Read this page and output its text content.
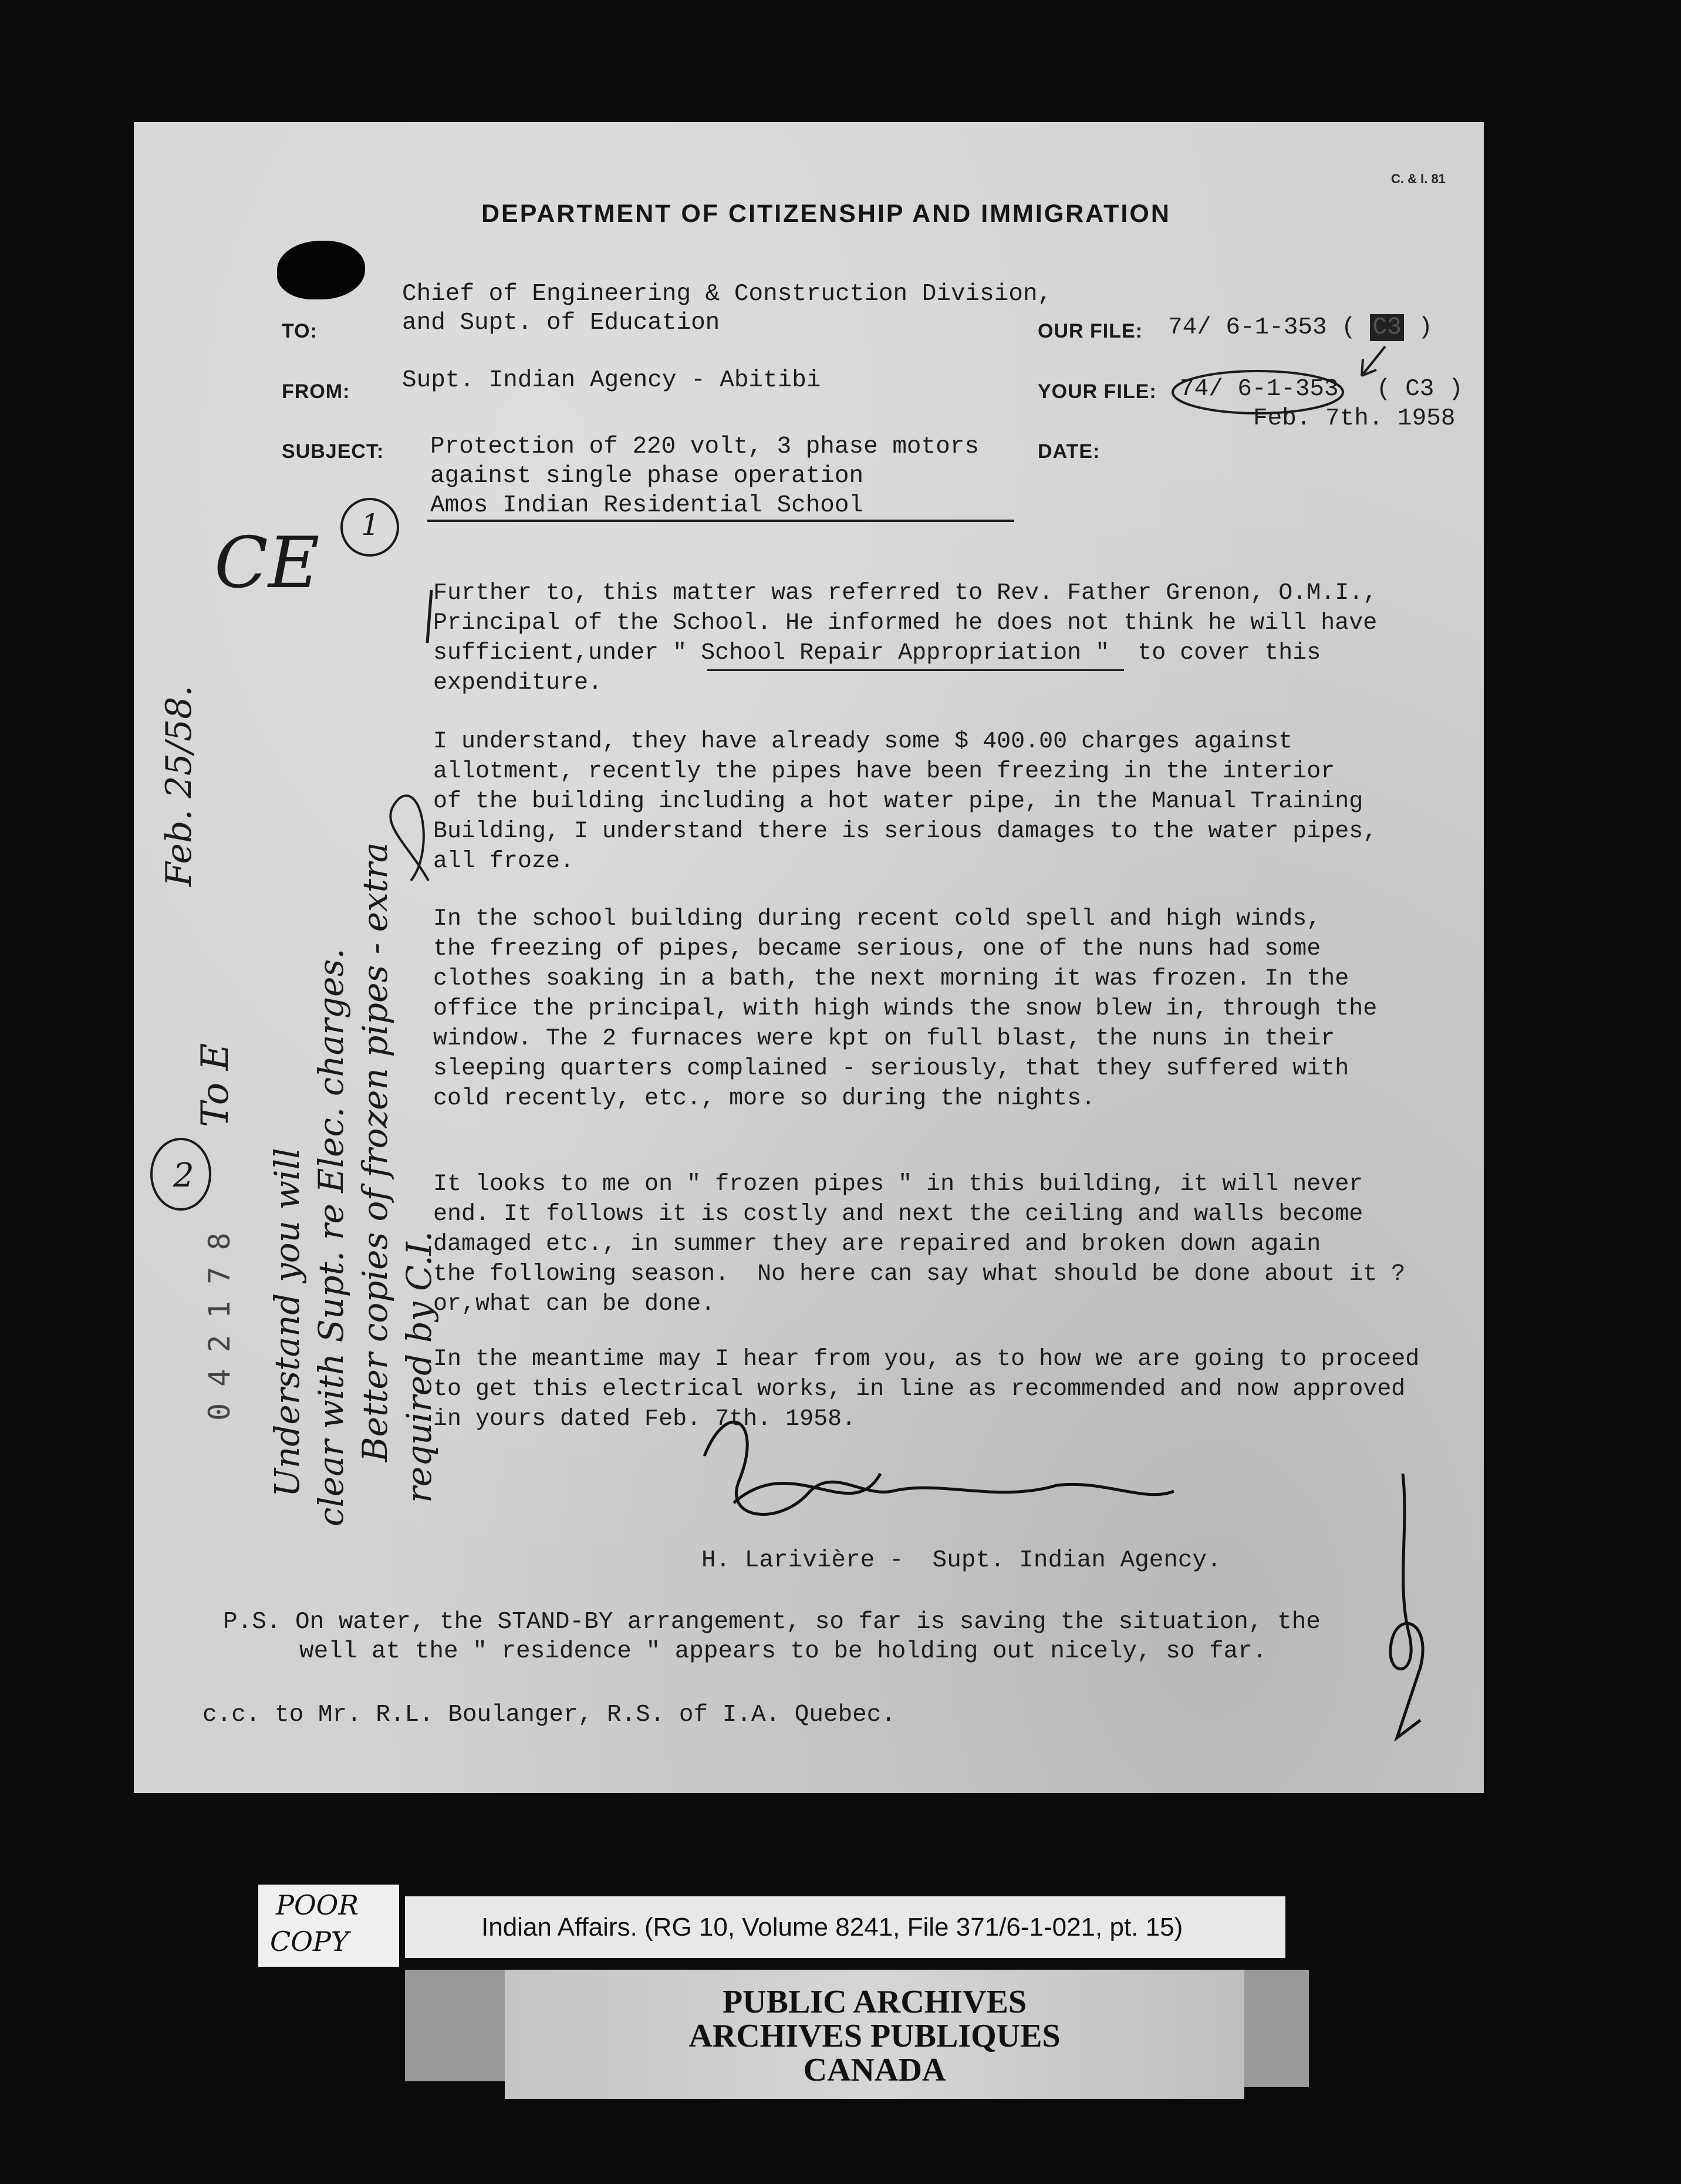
C. & I. 81
DEPARTMENT OF CITIZENSHIP AND IMMIGRATION
TO:
Chief of Engineering & Construction Division,
and Supt. of Education	OUR FILE: 74/ 6-1-353 ( C3 )
FROM: Supt. Indian Agency - Abitibi	YOUR FILE: 74/ 6-1-353 ( C3 )
DATE:
Feb. 7th. 1958
SUBJECT: Protection of 220 volt, 3 phase motors
against single phase operation
Amos Indian Residential School
Further to, this matter was referred to Rev. Father Grenon, O.M.I.,
Principal of the School. He informed he does not think he will have
sufficient,under " School Repair Appropriation "  to cover this
expenditure.
I understand, they have already some $ 400.00 charges against
allotment, recently the pipes have been freezing in the interior
of the building including a hot water pipe, in the Manual Training
Building, I understand there is serious damages to the water pipes,
all froze.
In the school building during recent cold spell and high winds,
the freezing of pipes, became serious, one of the nuns had some
clothes soaking in a bath, the next morning it was frozen. In the
office the principal, with high winds the snow blew in, through the
window. The 2 furnaces were kpt on full blast, the nuns in their
sleeping quarters complained - seriously, that they suffered with
cold recently, etc., more so during the nights.
It looks to me on " frozen pipes " in this building, it will never
end. It follows it is costly and next the ceiling and walls become
damaged etc., in summer they are repaired and broken down again
the following season.  No here can say what should be done about it ?
or,what can be done.
In the meantime may I hear from you, as to how we are going to proceed
to get this electrical works, in line as recommended and now approved
in yours dated Feb. 7th. 1958.
H. Larivière -  Supt. Indian Agency.
P.S. On water, the STAND-BY arrangement, so far is saving the situation, the
well at the " residence " appears to be holding out nicely, so far.
c.c. to Mr. R.L. Boulanger, R.S. of I.A. Quebec.
CE 1
2
To E
Feb. 25/58.
Understand you will clear with Supt. re Elec. charges. Better copies of frozen pipes - extra required by C.I.
042178
POOR
COPY	Indian Affairs. (RG 10, Volume 8241, File 371/6-1-021, pt. 15)
PUBLIC ARCHIVES
ARCHIVES PUBLIQUES
CANADA
